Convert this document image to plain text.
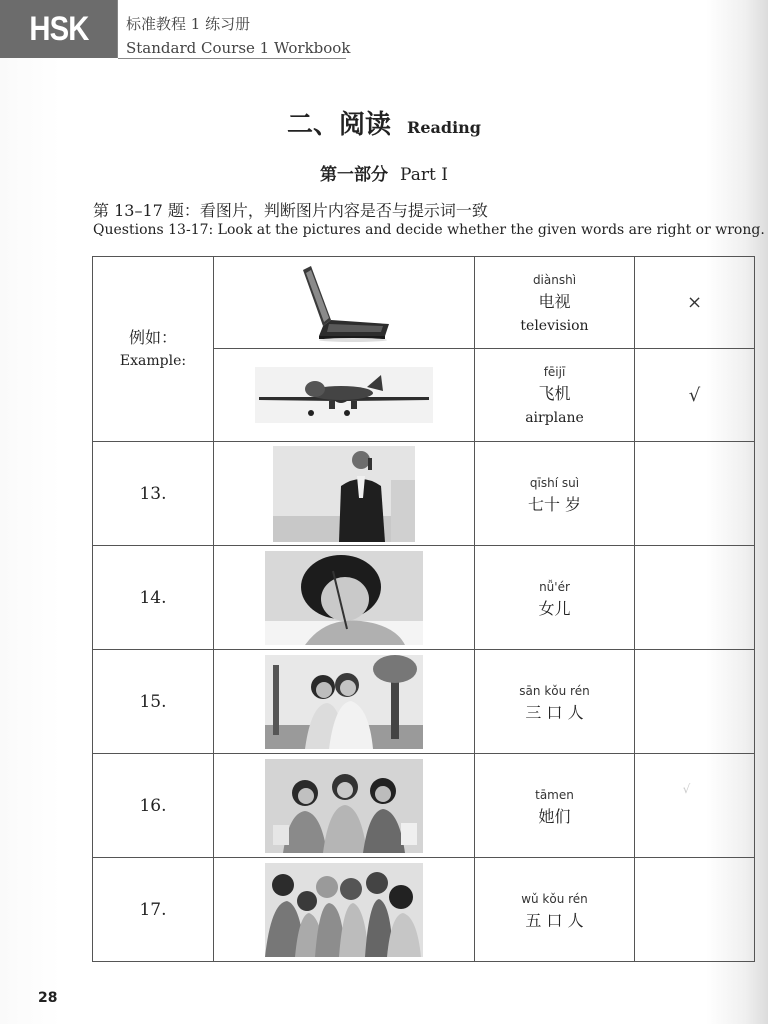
HSK	标准教程 1 练习册
Standard Course 1 Workbook
二、阅读 Reading
第一部分 Part Ⅰ
第 13–17 题：看图片，判断图片内容是否与提示词一致
Questions 13-17: Look at the pictures and decide whether the given words are right or wrong.
例如：
Example:		diànshì
电视
television	×

fēijī
飞机
airplane	√
13.		qīshí suì
七十 岁	

14.		nǚ'ér
女儿	

15.		sān kǒu rén
三 口 人	

16.		tāmen
她们	√
17.		wǔ kǒu rén
五 口 人	

28
